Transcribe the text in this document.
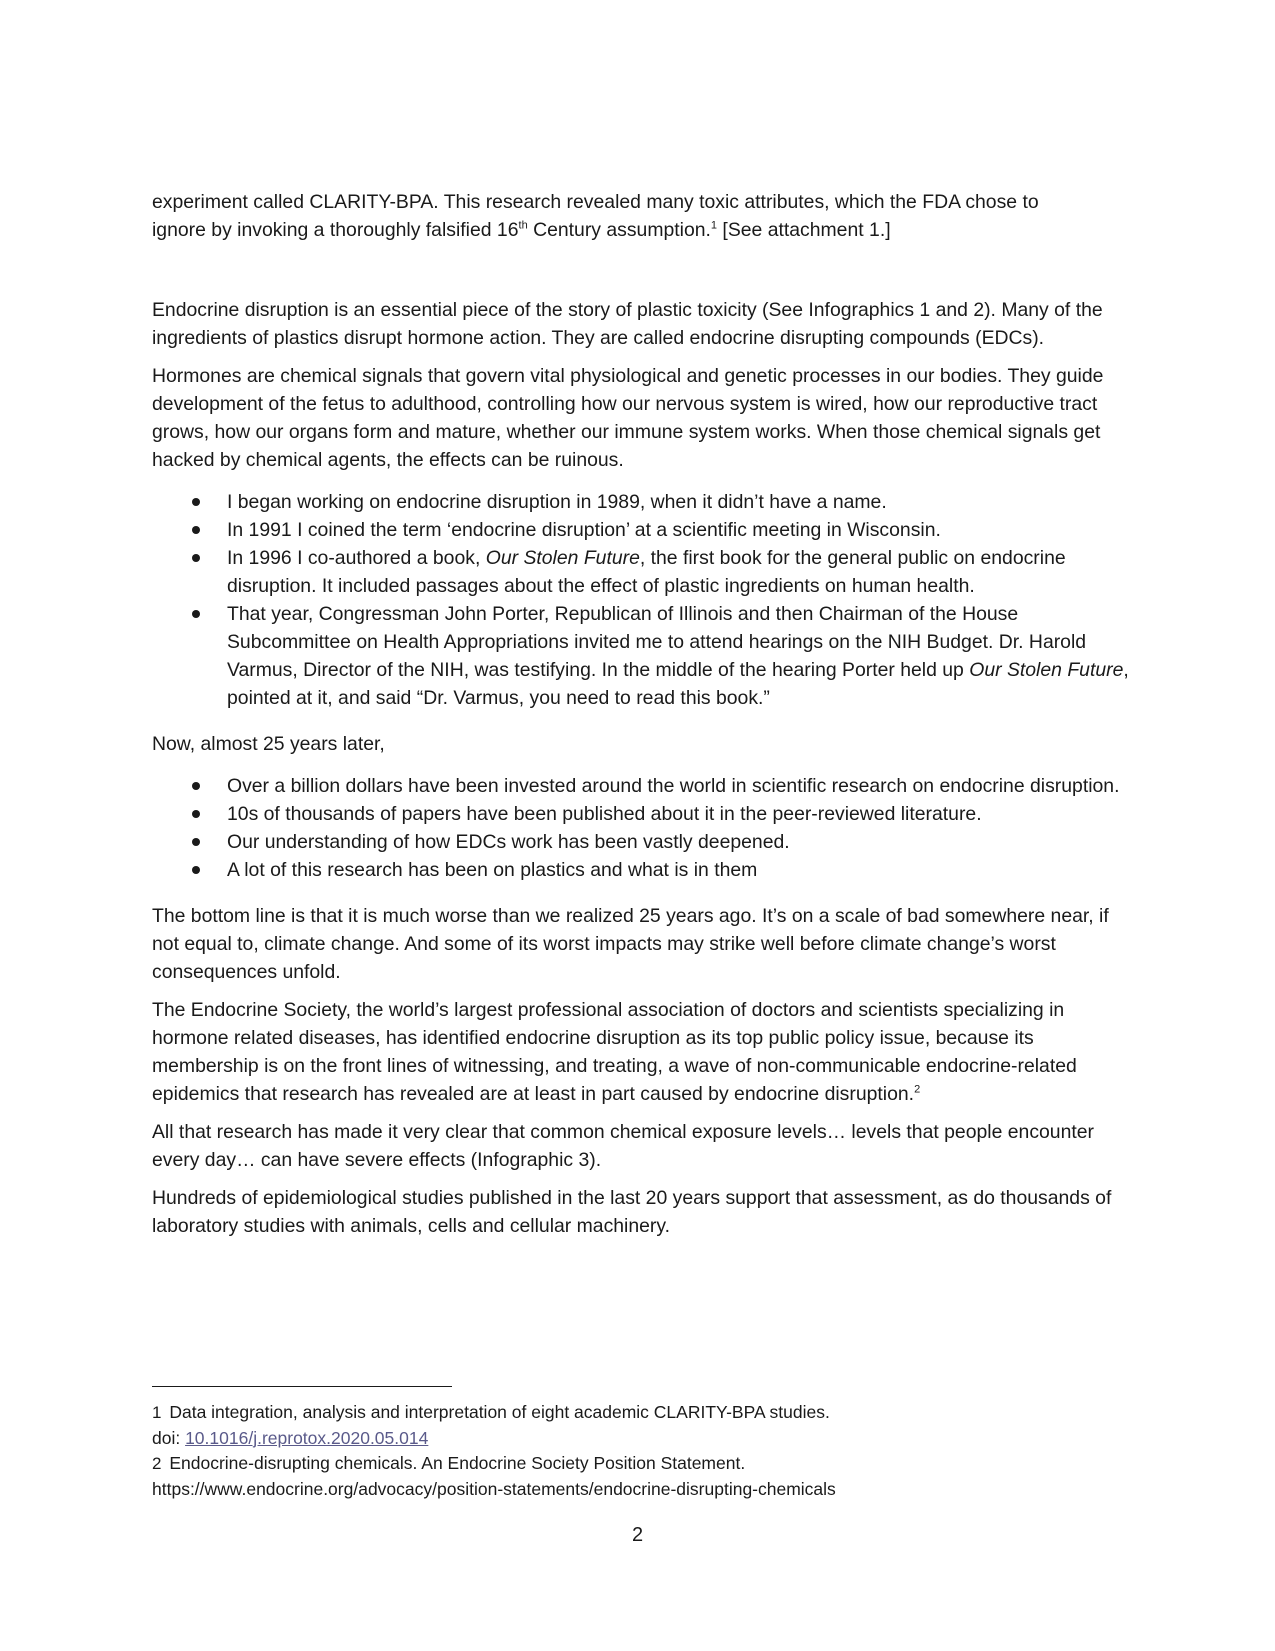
experiment called CLARITY-BPA. This research revealed many toxic attributes, which the FDA chose to
ignore by invoking a thoroughly falsified 16th Century assumption.$^1$ [See attachment 1.]

Endocrine disruption is an essential piece of the story of plastic toxicity (See Infographics 1 and 2). Many of the ingredients of plastics disrupt hormone action. They are called endocrine disrupting compounds (EDCs).

Hormones are chemical signals that govern vital physiological and genetic processes in our bodies. They guide development of the fetus to adulthood, controlling how our nervous system is wired, how our reproductive tract grows, how our organs form and mature, whether our immune system works. When those chemical signals get hacked by chemical agents, the effects can be ruinous.

I began working on endocrine disruption in 1989, when it didn’t have a name.
In 1991 I coined the term ‘endocrine disruption’ at a scientific meeting in Wisconsin.
In 1996 I co-authored a book, Our Stolen Future, the first book for the general public on endocrine disruption. It included passages about the effect of plastic ingredients on human health.
That year, Congressman John Porter, Republican of Illinois and then Chairman of the House Subcommittee on Health Appropriations invited me to attend hearings on the NIH Budget. Dr. Harold Varmus, Director of the NIH, was testifying. In the middle of the hearing Porter held up Our Stolen Future, pointed at it, and said “Dr. Varmus, you need to read this book.”

Now, almost 25 years later,

Over a billion dollars have been invested around the world in scientific research on endocrine disruption.
10s of thousands of papers have been published about it in the peer-reviewed literature.
Our understanding of how EDCs work has been vastly deepened.
A lot of this research has been on plastics and what is in them

The bottom line is that it is much worse than we realized 25 years ago. It’s on a scale of bad somewhere near, if not equal to, climate change. And some of its worst impacts may strike well before climate change’s worst consequences unfold.

The Endocrine Society, the world’s largest professional association of doctors and scientists specializing in hormone related diseases, has identified endocrine disruption as its top public policy issue, because its membership is on the front lines of witnessing, and treating, a wave of non-communicable endocrine-related epidemics that research has revealed are at least in part caused by endocrine disruption.$^2$

All that research has made it very clear that common chemical exposure levels… levels that people encounter every day… can have severe effects (Infographic 3).

Hundreds of epidemiological studies published in the last 20 years support that assessment, as do thousands of laboratory studies with animals, cells and cellular machinery.

1 Data integration, analysis and interpretation of eight academic CLARITY-BPA studies.
doi: 10.1016/j.reprotox.2020.05.014
2 Endocrine-disrupting chemicals. An Endocrine Society Position Statement.
https://www.endocrine.org/advocacy/position-statements/endocrine-disrupting-chemicals
2
